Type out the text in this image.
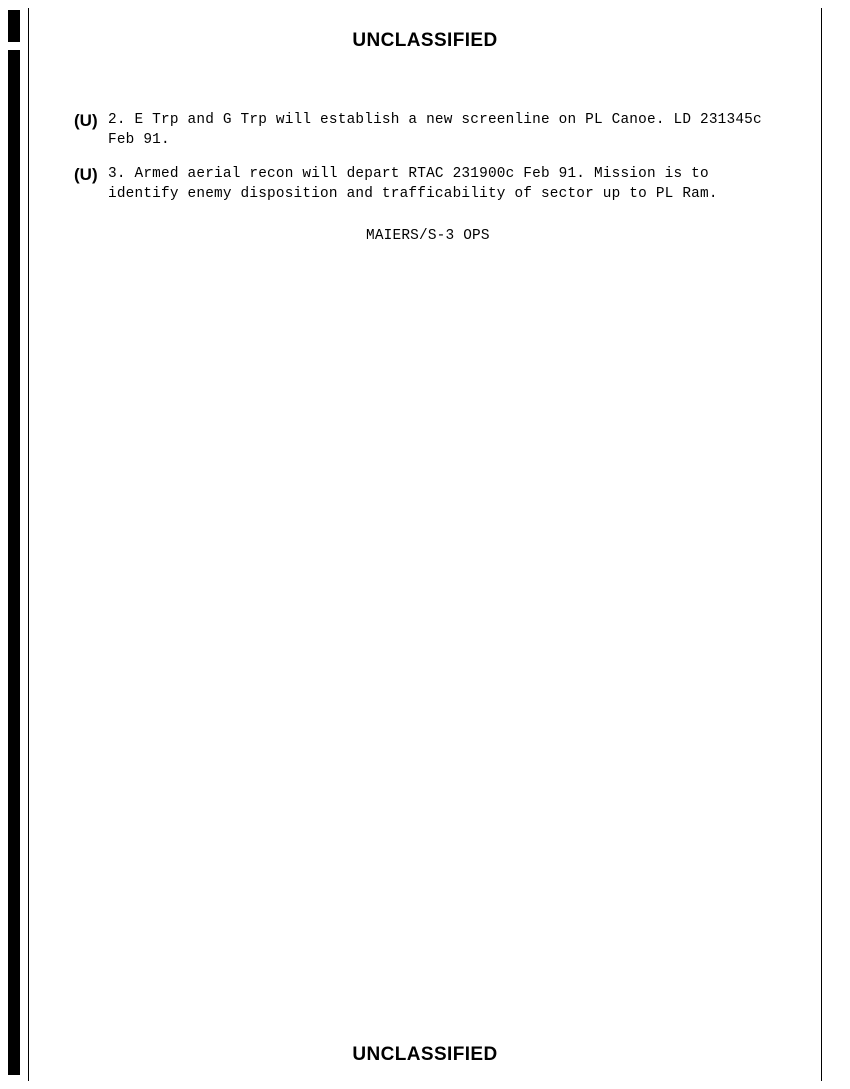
UNCLASSIFIED
(U) 2. E Trp and G Trp will establish a new screenline on PL Canoe. LD 231345c Feb 91.
(U) 3. Armed aerial recon will depart RTAC 231900c Feb 91. Mission is to identify enemy disposition and trafficability of sector up to PL Ram.
MAIERS/S-3 OPS
UNCLASSIFIED
